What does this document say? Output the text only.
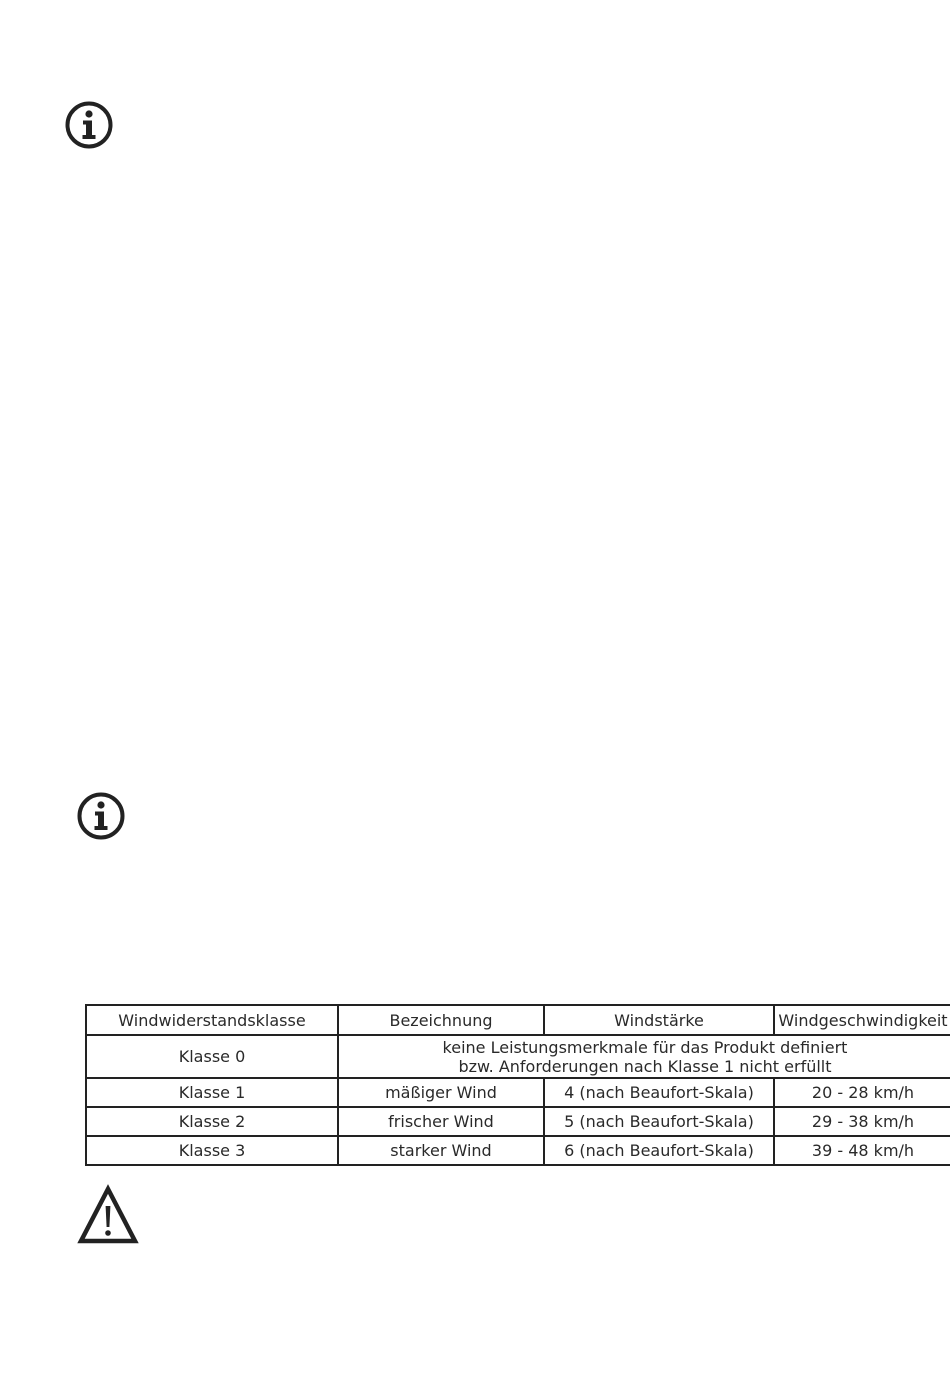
Windwiderstandsklasse	Bezeichnung	Windstärke	Windgeschwindigkeit
Klasse 0	keine Leistungsmerkmale für das Produkt definiert
bzw. Anforderungen nach Klasse 1 nicht erfüllt		

Klasse 1	mäßiger Wind	4 (nach Beaufort-Skala)	20 - 28 km/h
Klasse 2	frischer Wind	5 (nach Beaufort-Skala)	29 - 38 km/h
Klasse 3	starker Wind	6 (nach Beaufort-Skala)	39 - 48 km/h
